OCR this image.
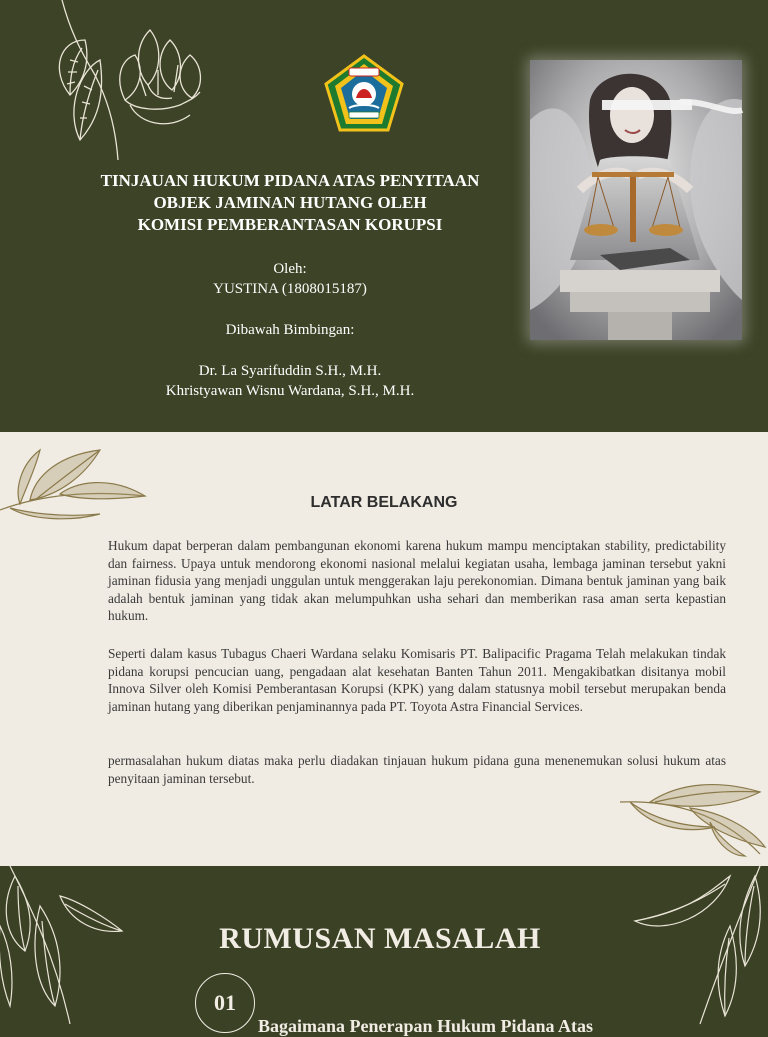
TINJAUAN HUKUM PIDANA ATAS PENYITAAN
OBJEK JAMINAN HUTANG OLEH
KOMISI PEMBERANTASAN KORUPSI
Oleh:
YUSTINA (1808015187)
Dibawah Bimbingan:
Dr. La Syarifuddin S.H., M.H.
Khristyawan Wisnu Wardana, S.H., M.H.
LATAR BELAKANG

Hukum dapat berperan dalam pembangunan ekonomi karena hukum mampu menciptakan stability, predictability dan fairness. Upaya untuk mendorong ekonomi nasional melalui kegiatan usaha, lembaga jaminan tersebut yakni jaminan fidusia yang menjadi unggulan untuk menggerakan laju perekonomian. Dimana bentuk jaminan yang baik adalah bentuk jaminan yang tidak akan melumpuhkan usha sehari dan memberikan rasa aman serta kepastian hukum.

Seperti dalam kasus Tubagus Chaeri Wardana selaku Komisaris PT. Balipacific Pragama Telah melakukan tindak pidana korupsi pencucian uang, pengadaan alat kesehatan Banten Tahun 2011. Mengakibatkan disitanya mobil Innova Silver oleh Komisi Pemberantasan Korupsi (KPK) yang dalam statusnya mobil tersebut merupakan benda jaminan hutang yang diberikan penjaminannya pada PT. Toyota Astra Financial Services.

permasalahan hukum diatas maka perlu diadakan tinjauan hukum pidana guna menenemukan solusi hukum atas penyitaan jaminan tersebut.

RUMUSAN MASALAH
01
Bagaimana Penerapan Hukum Pidana Atas
